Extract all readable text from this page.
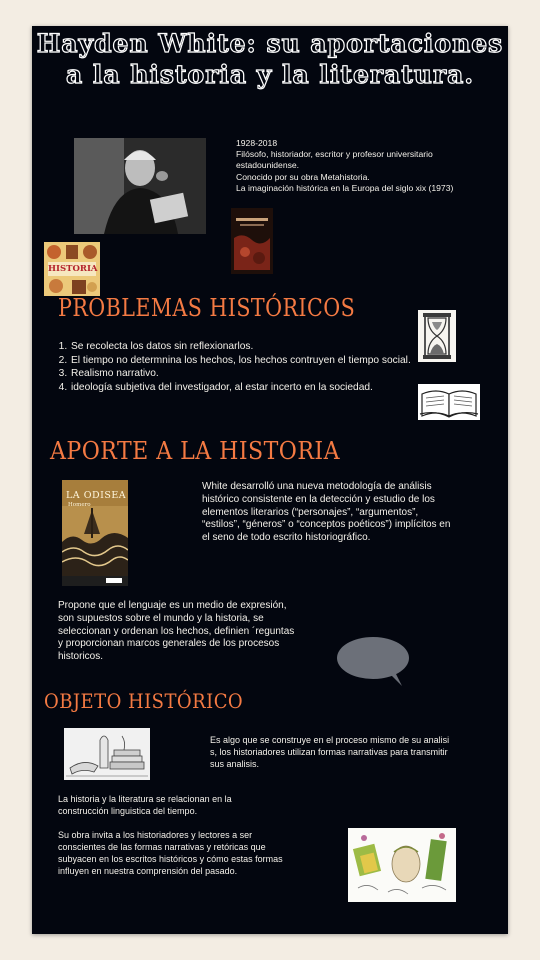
Hayden White: su aportaciones a la historia y la literatura.
1928-2018
Filósofo, historiador, escritor y profesor universitario
estadounidense.
Conocido por su obra Metahistoria.
La imaginación histórica en la Europa del siglo xix (1973)
HISTORIA
PROBLEMAS HISTÓRICOS
1. Se recolecta los datos sin reflexionarlos.
2. El tiempo no determnina los hechos, los hechos contruyen el tiempo social.
3. Realismo narrativo.
4. ideología subjetiva del investigador, al estar incerto en la sociedad.
APORTE A LA HISTORIA
LA ODISEA
Homero

White desarrolló una nueva metodología de análisis histórico consistente en la detección y estudio de los elementos literarios (“personajes”, “argumentos”, “estilos”, “géneros” o “conceptos poéticos”) implícitos en el seno de todo escrito historiográfico.

Propone que el lenguaje es un medio de expresión, son supuestos sobre el mundo y la historia, se seleccionan y ordenan los hechos, definien ´reguntas y proporcionan marcos generales de los procesos historicos.

OBJETO HISTÓRICO

Es algo que se construye en el proceso mismo de su analisi s, los historiadores utilizan formas narrativas para transmitir sus analisis.

La historia y la literatura se relacionan en la construcción linguistica del tiempo.

Su obra invita a los historiadores y lectores a ser conscientes de las formas narrativas y retóricas que subyacen en los escritos históricos y cómo estas formas influyen en nuestra comprensión del pasado.
